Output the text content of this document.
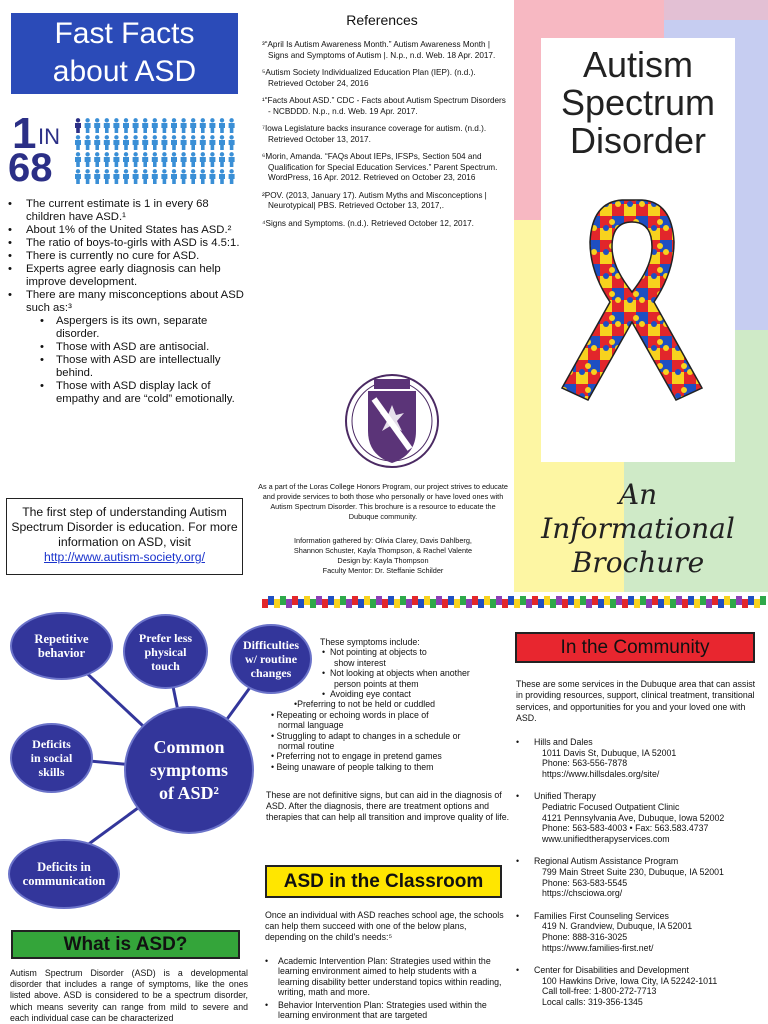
Fast Facts
about ASD
1 IN
68
• The current estimate is 1 in every 68 children have ASD.¹
• About 1% of the United States has ASD.²
• The ratio of boys-to-girls with ASD is 4.5:1.
• There is currently no cure for ASD.
• Experts agree early diagnosis can help improve development.
• There are many misconceptions about ASD such as:³
• Aspergers is its own, separate disorder.
• Those with ASD are antisocial.
• Those with ASD are intellectually behind.
• Those with ASD display lack of empathy and are “cold” emotionally.
The first step of understanding Autism Spectrum Disorder is education. For more information on ASD, visit
http://www.autism-society.org/
References

³“April Is Autism Awareness Month.” Autism Awareness Month | Signs and Symptoms of Autism |. N.p., n.d. Web. 18 Apr. 2017.

⁵Autism Society Individualized Education Plan (IEP). (n.d.). Retrieved October 24, 2016

¹“Facts About ASD.” CDC - Facts about Autism Spectrum Disorders - NCBDDD. N.p., n.d. Web. 19 Apr. 2017.

⁷Iowa Legislature backs insurance coverage for autism. (n.d.). Retrieved October 13, 2017.

⁶Morin, Amanda. “FAQs About IEPs, IFSPs, Section 504 and Qualification for Special Education Services.” Parent Spectrum. WordPress, 16 Apr. 2012. Retrieved on October 23, 2016

²POV. (2013, January 17). Autism Myths and Misconceptions | Neurotypical| PBS. Retrieved October 13, 2017,.

⁴Signs and Symptoms. (n.d.). Retrieved October 12, 2017.

As a part of the Loras College Honors Program, our project strives to educate and provide services to both those who personally or have loved ones with Autism Spectrum Disorder. This brochure is a resource to educate the Dubuque community.
Information gathered by: Olivia Clarey, Davis Dahlberg,
Shannon Schuster, Kayla Thompson, & Rachel Valente
Design by: Kayla Thompson
Faculty Mentor: Dr. Steffanie Schilder
Autism
Spectrum
Disorder
An Informational
Brochure
Repetitive
behavior
Prefer less
physical
touch
Difficulties
w/ routine
changes
Deficits
in social
skills
Common
symptoms
of ASD²
Deficits in
communication
These symptoms include:
•  Not pointing at objects to
show interest
•  Not looking at objects when another
person points at them
•  Avoiding eye contact
•Preferring to not be held or cuddled
• Repeating or echoing words in place of
normal language
• Struggling to adapt to changes in a schedule or
normal routine
• Preferring not to engage in pretend games
• Being unaware of people talking to them
These are not definitive signs, but can aid in the diagnosis of ASD. After the diagnosis, there are treatment options and therapies that can help all transition and improve quality of life.
ASD in the Classroom
Once an individual with ASD reaches school age, the schools can help them succeed with one of the below plans, depending on the child's needs:⁵
• Academic Intervention Plan: Strategies used within the learning environment aimed to help students with a learning disability better understand topics within reading, writing, math and more.
• Behavior Intervention Plan: Strategies used within the learning environment that are targeted
What is ASD?
Autism Spectrum Disorder (ASD) is a developmental disorder that includes a range of symptoms, like the ones listed above. ASD is considered to be a spectrum disorder, which means severity can range from mild to severe and each individual case can be characterized
In the Community
These are some services in the Dubuque area that can assist in providing resources, support, clinical treatment, transitional services, and opportunities for you and your loved one with ASD.
• Hills and Dales
1011 Davis St, Dubuque, IA 52001
Phone: 563-556-7878
https://www.hillsdales.org/site/
• Unified Therapy
Pediatric Focused Outpatient Clinic
4121 Pennsylvania Ave, Dubuque, Iowa 52002
Phone: 563-583-4003 • Fax: 563.583.4737
www.unifiedtherapyservices.com
• Regional Autism Assistance Program
799 Main Street Suite 230, Dubuque, IA 52001
Phone: 563-583-5545
https://chsciowa.org/
• Families First Counseling Services
419 N. Grandview, Dubuque, IA 52001
Phone: 888-316-3025
https://www.families-first.net/
• Center for Disabilities and Development
100 Hawkins Drive, Iowa City, IA 52242-1011
Call toll-free: 1-800-272-7713
Local calls: 319-356-1345
